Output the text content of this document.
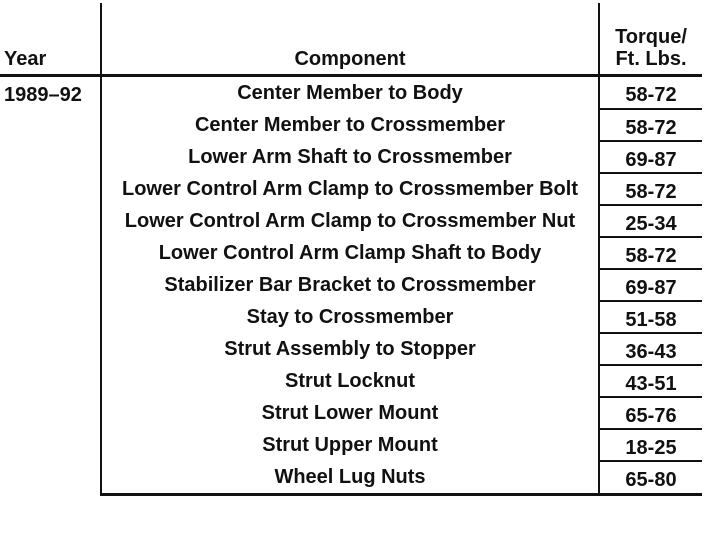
Year	Component	Torque/
Ft. Lbs.

1989–92	Center Member to Body	58-72
	Center Member to Crossmember	58-72
	Lower Arm Shaft to Crossmember	69-87
	Lower Control Arm Clamp to Crossmember Bolt	58-72
	Lower Control Arm Clamp to Crossmember Nut	25-34
	Lower Control Arm Clamp Shaft to Body	58-72
	Stabilizer Bar Bracket to Crossmember	69-87
	Stay to Crossmember	51-58
	Strut Assembly to Stopper	36-43
	Strut Locknut	43-51
	Strut Lower Mount	65-76
	Strut Upper Mount	18-25
	Wheel Lug Nuts	65-80
